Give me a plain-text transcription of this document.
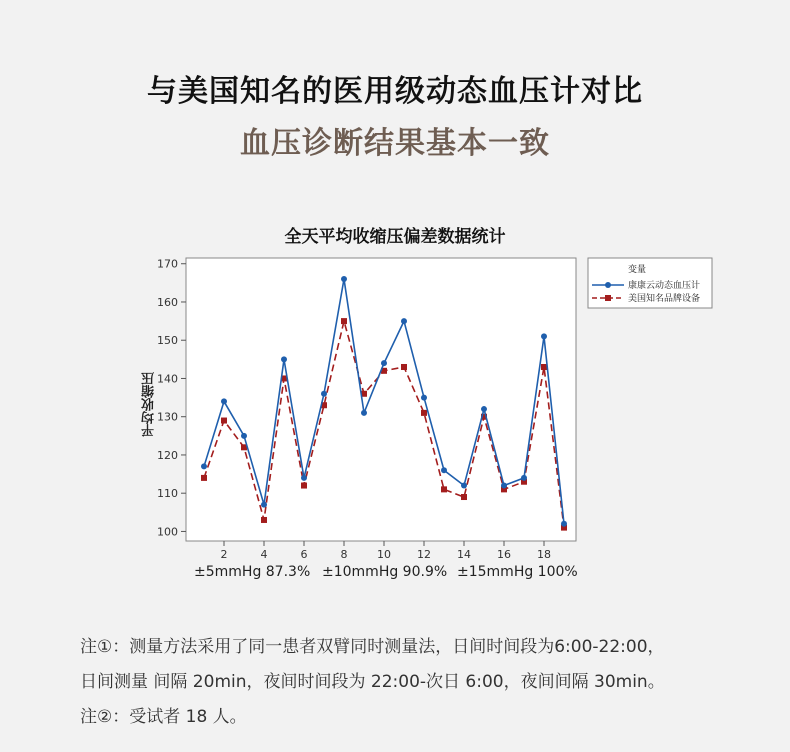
与美国知名的医用级动态血压计对比
血压诊断结果基本一致
全天平均收缩压偏差数据统计
100
110
120
130
140
150
160
170
2	4	6	8	10 12 14 16 18
变量
康康云动态血压计
美国知名品牌设备
平均收缩压
±5mmHg 87.3% ±10mmHg 90.9% ±15mmHg 100%
注①：测量方法采用了同一患者双臂同时测量法，日间时间段为6:00-22:00，
日间测量 间隔 20min，夜间时间段为 22:00-次日 6:00，夜间间隔 30min。
注②：受试者 18 人。
